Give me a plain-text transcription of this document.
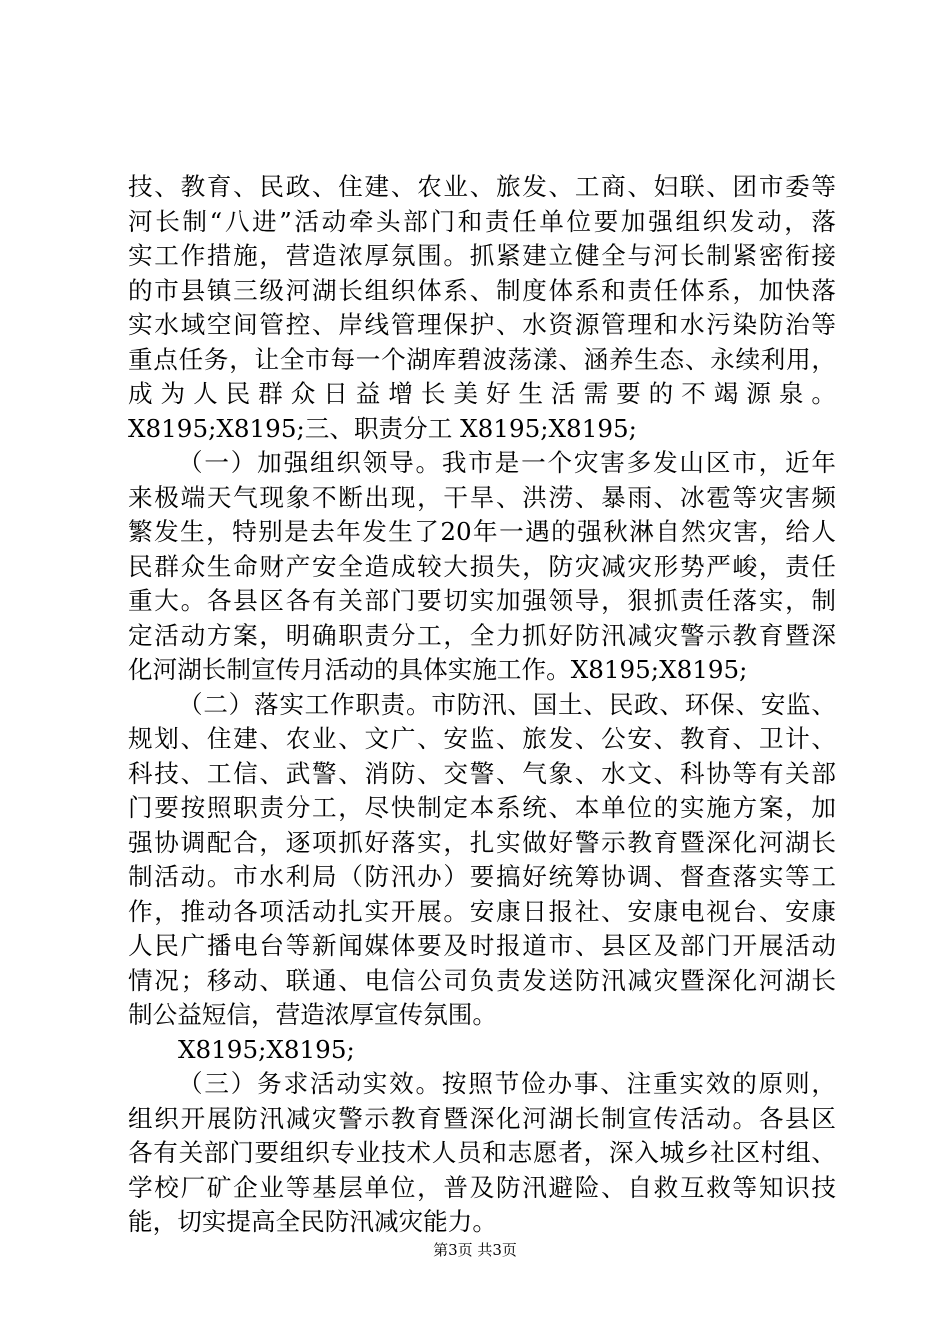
技、教育、民政、住建、农业、旅发、工商、妇联、团市委等
河长制“八进”活动牵头部门和责任单位要加强组织发动，落
实工作措施，营造浓厚氛围。抓紧建立健全与河长制紧密衔接
的市县镇三级河湖长组织体系、制度体系和责任体系，加快落
实水域空间管控、岸线管理保护、水资源管理和水污染防治等
重点任务，让全市每一个湖库碧波荡漾、涵养生态、永续利用，
成为人民群众日益增长美好生活需要的不竭源泉。
X8195;X8195;三、职责分工 X8195;X8195;
（一）加强组织领导。我市是一个灾害多发山区市，近年
来极端天气现象不断出现，干旱、洪涝、暴雨、冰雹等灾害频
繁发生，特别是去年发生了20年一遇的强秋淋自然灾害，给人
民群众生命财产安全造成较大损失，防灾减灾形势严峻，责任
重大。各县区各有关部门要切实加强领导，狠抓责任落实，制
定活动方案，明确职责分工，全力抓好防汛减灾警示教育暨深
化河湖长制宣传月活动的具体实施工作。X8195;X8195;
（二）落实工作职责。市防汛、国土、民政、环保、安监、
规划、住建、农业、文广、安监、旅发、公安、教育、卫计、
科技、工信、武警、消防、交警、气象、水文、科协等有关部
门要按照职责分工，尽快制定本系统、本单位的实施方案，加
强协调配合，逐项抓好落实，扎实做好警示教育暨深化河湖长
制活动。市水利局（防汛办）要搞好统筹协调、督查落实等工
作，推动各项活动扎实开展。安康日报社、安康电视台、安康
人民广播电台等新闻媒体要及时报道市、县区及部门开展活动
情况；移动、联通、电信公司负责发送防汛减灾暨深化河湖长
制公益短信，营造浓厚宣传氛围。
X8195;X8195;
（三）务求活动实效。按照节俭办事、注重实效的原则，
组织开展防汛减灾警示教育暨深化河湖长制宣传活动。各县区
各有关部门要组织专业技术人员和志愿者，深入城乡社区村组、
学校厂矿企业等基层单位，普及防汛避险、自救互救等知识技
能，切实提高全民防汛减灾能力。
第3页 共3页
